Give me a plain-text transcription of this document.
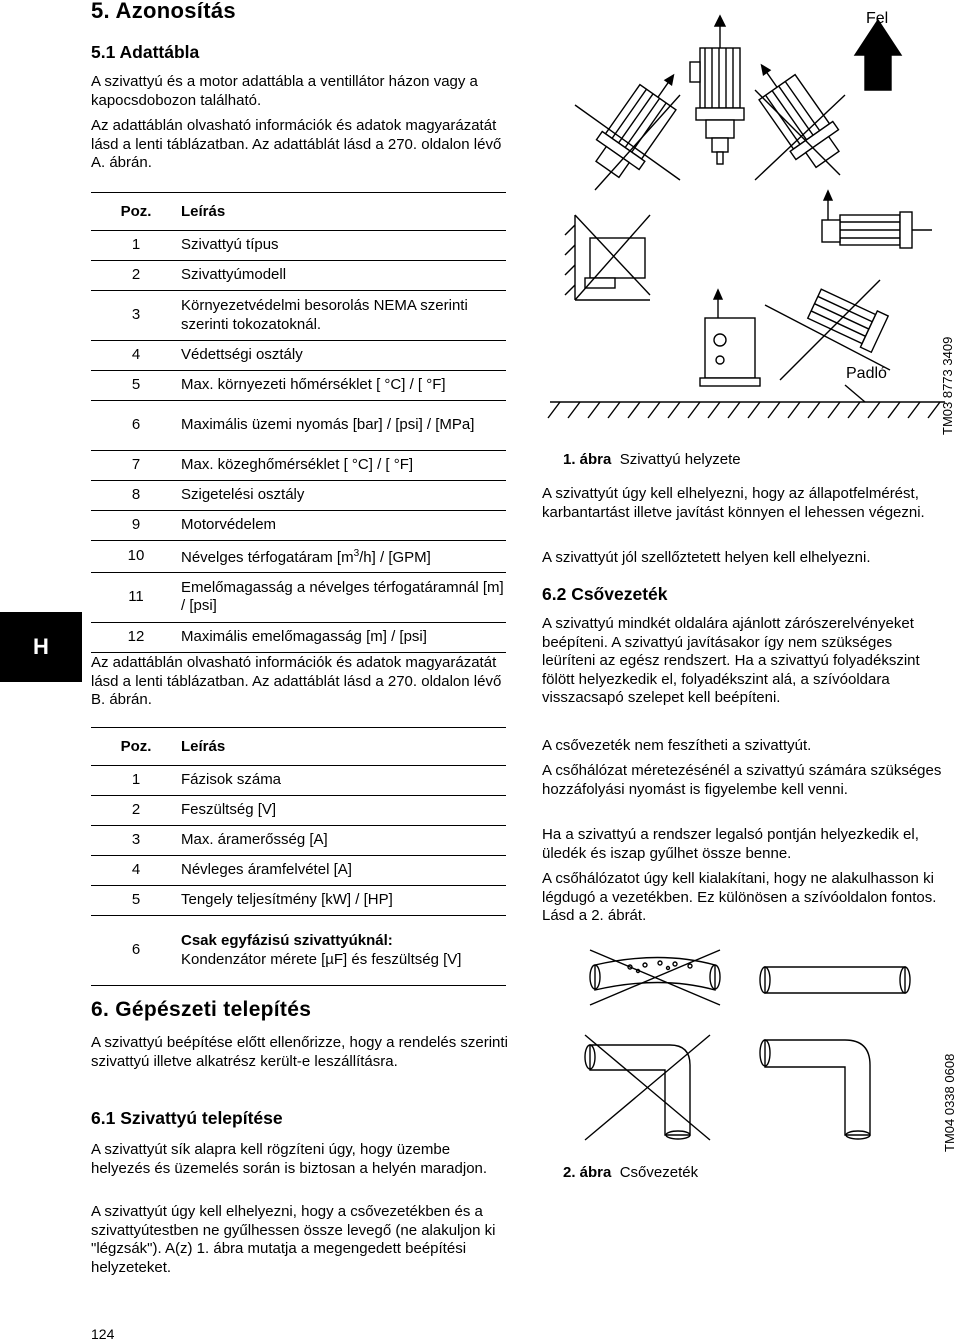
5. Azonosítás
5.1 Adattábla

A szivattyú és a motor adattábla a ventillátor házon vagy a kapocsdobozon található.

Az adattáblán olvasható információk és adatok magyarázatát lásd a lenti táblázatban. Az adattáblát lásd a 270. oldalon lévő A. ábrán.

Poz.	Leírás
1	Szivattyú típus
2	Szivattyúmodell
3	Környezetvédelmi besorolás NEMA szerinti szerinti tokozatoknál.
4	Védettségi osztály
5	Max. környezeti hőmérséklet [ °C] / [ °F]
6	Maximális üzemi nyomás [bar] / [psi] / [MPa]
7	Max. közeghőmérséklet [ °C] / [ °F]
8	Szigetelési osztály
9	Motorvédelem
10	Névelges térfogatáram $[m^3/h] / [GPM]$
11	Emelőmagasság a névelges térfogatáramnál [m] / [psi]
12	Maximális emelőmagasság [m] / [psi]

Az adattáblán olvasható információk és adatok magyarázatát lásd a lenti táblázatban. Az adattáblát lásd a 270. oldalon lévő B. ábrán.

Poz.	Leírás
1	Fázisok száma
2	Feszültség [V]
3	Max. áramerősség [A]
4	Névleges áramfelvétel [A]
5	Tengely teljesítmény [kW] / [HP]
6	Csak egyfázisú szivattyúknál:
Kondenzátor mérete [µF] és feszültség [V]
6. Gépészeti telepítés

A szivattyú beépítése előtt ellenőrizze, hogy a rendelés szerinti szivattyú illetve alkatrész került-e leszállításra.

6.1 Szivattyú telepítése

A szivattyút sík alapra kell rögzíteni úgy, hogy üzembe helyezés és üzemelés során is biztosan a helyén maradjon.

A szivattyút úgy kell elhelyezni, hogy a csővezetékben és a szivattyútestben ne gyűlhessen össze levegő (ne alakuljon ki "légzsák"). A(z) 1. ábra mutatja a megengedett beépítési helyzeteket.

124
H
Fel
Padló	TM03 8773 3409
1. ábra Szivattyú helyzete

A szivattyút úgy kell elhelyezni, hogy az állapotfelmérést, karbantartást illetve javítást könnyen el lehessen végezni.

A szivattyút jól szellőztetett helyen kell elhelyezni.

6.2 Csővezeték

A szivattyú mindkét oldalára ajánlott zárószerelvényeket beépíteni. A szivattyú javításakor így nem szükséges leüríteni az egész rendszert. Ha a szivattyú folyadékszint fölött helyezkedik el, folyadékszint alá, a szívóoldara visszacsapó szelepet kell beépíteni.

A csővezeték nem feszítheti a szivattyút.

A csőhálózat méretezésénél a szivattyú számára szükséges hozzáfolyási nyomást is figyelembe kell venni.

Ha a szivattyú a rendszer legalsó pontján helyezkedik el, üledék és iszap gyűlhet össze benne.

A csőhálózatot úgy kell kialakítani, hogy ne alakulhasson ki légdugó a vezetékben. Ez különösen a szívóoldalon fontos. Lásd a 2. ábrát.

TM04 0338 0608
2. ábra Csővezeték
